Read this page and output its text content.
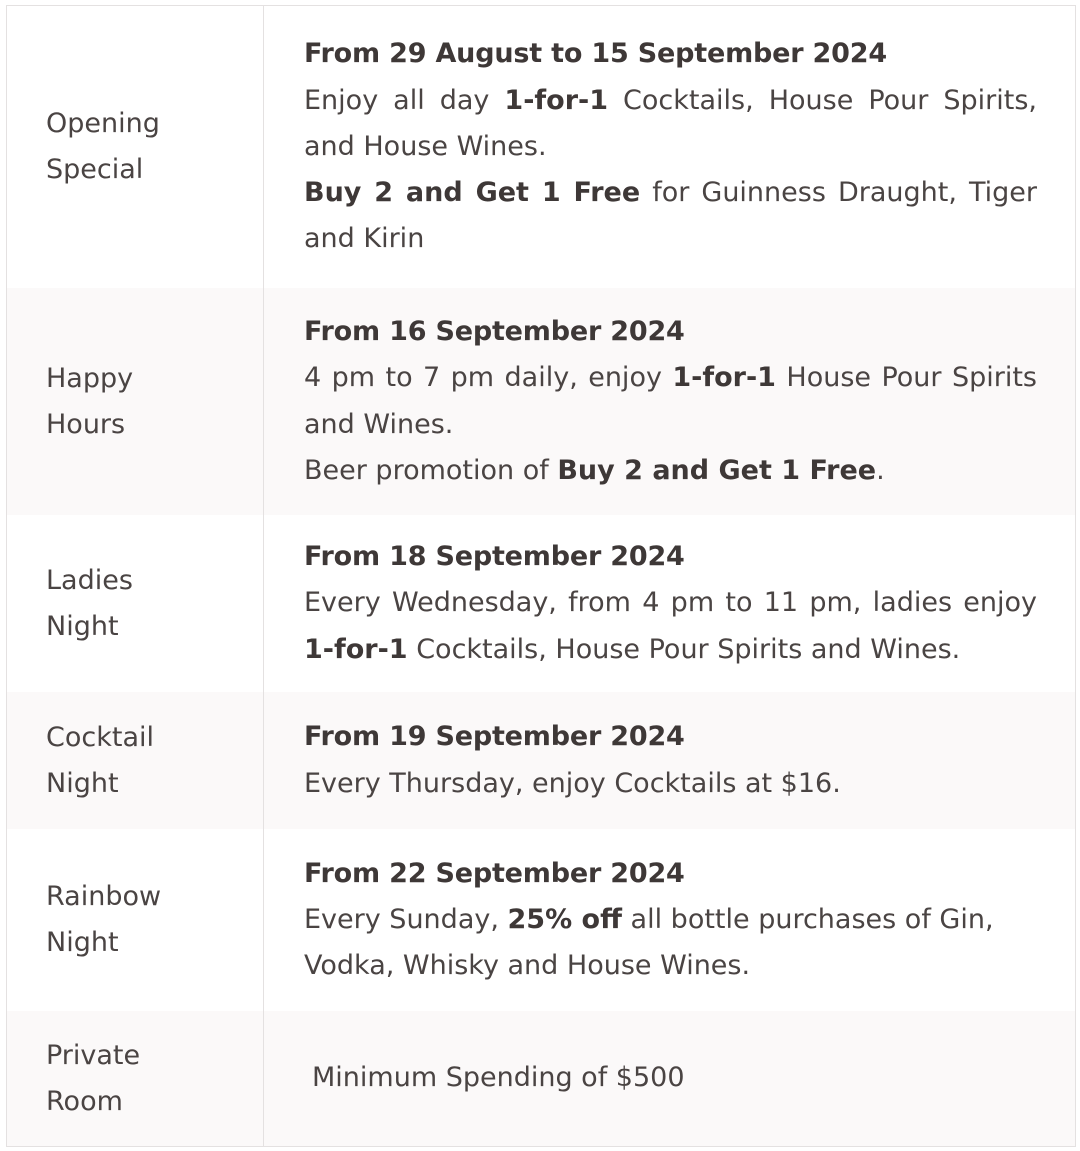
Opening
Special

From 29 August to 15 September 2024

Enjoy all day 1-for-1 Cocktails, House Pour Spirits, and House Wines.

Buy 2 and Get 1 Free for Guinness Draught, Tiger and Kirin

Happy
Hours

From 16 September 2024

4 pm to 7 pm daily, enjoy 1-for-1 House Pour Spirits and Wines.

Beer promotion of Buy 2 and Get 1 Free.

Ladies
Night

From 18 September 2024

Every Wednesday, from 4 pm to 11 pm, ladies enjoy 1-for-1 Cocktails, House Pour Spirits and Wines.

Cocktail
Night

From 19 September 2024

Every Thursday, enjoy Cocktails at $16.

Rainbow
Night

From 22 September 2024

Every Sunday, 25% off all bottle purchases of Gin, Vodka, Whisky and House Wines.

Private
Room

Minimum Spending of $500
